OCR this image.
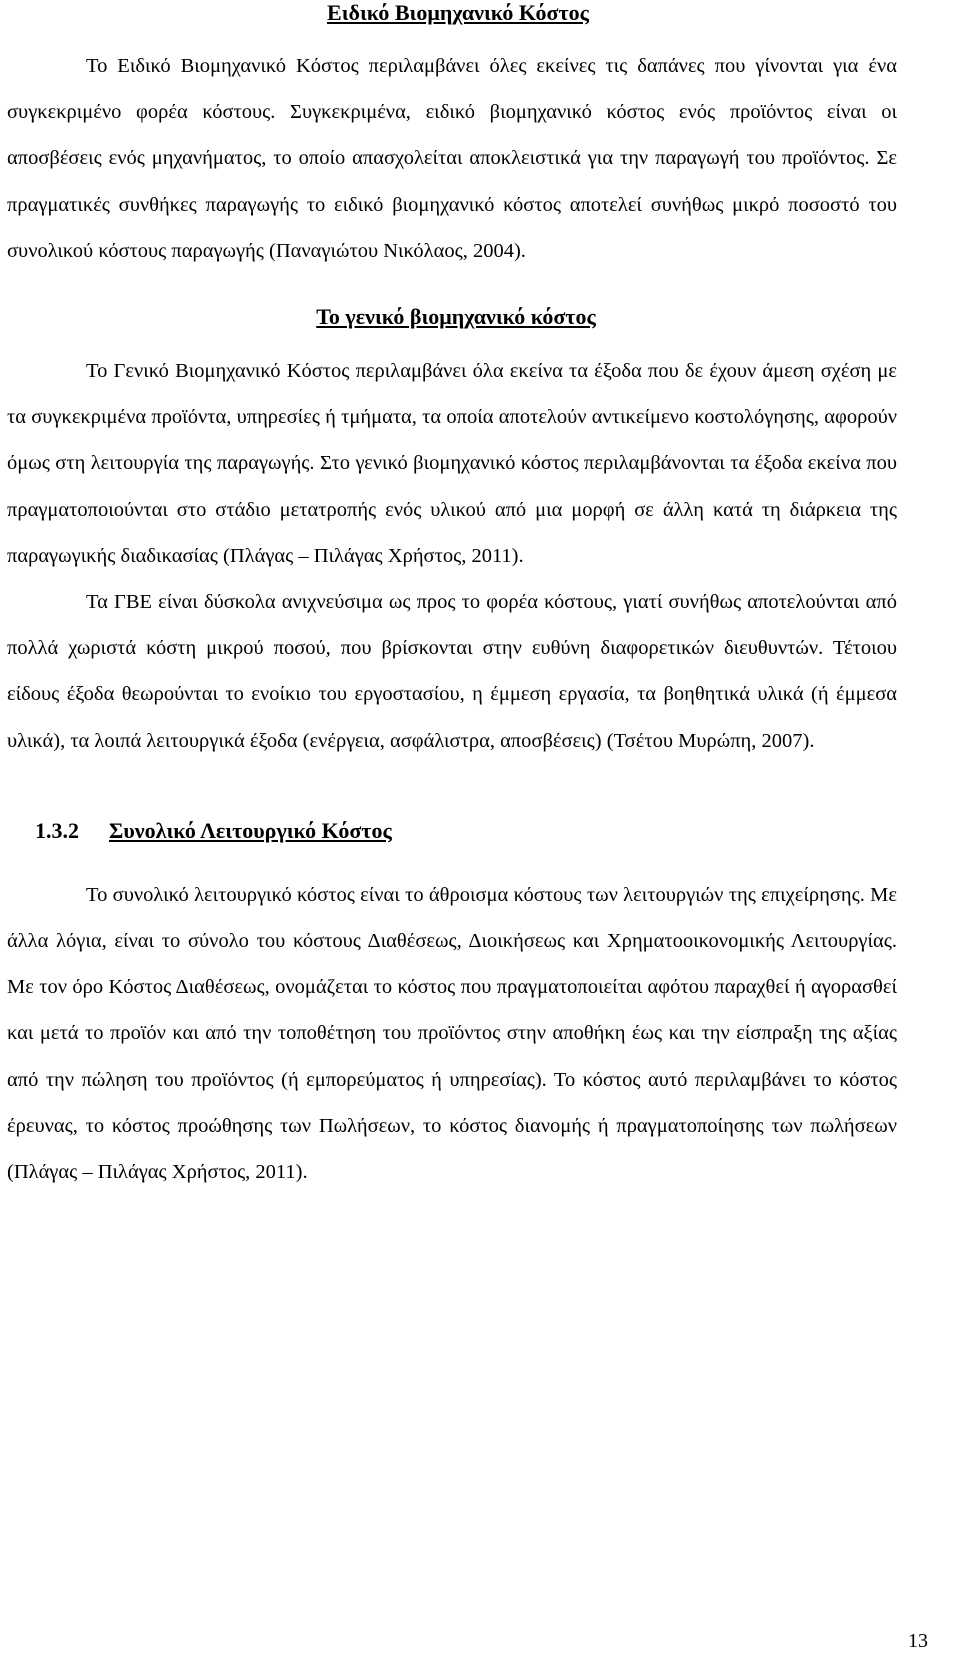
Ειδικό Βιομηχανικό Κόστος

Το Ειδικό Βιομηχανικό Κόστος περιλαμβάνει όλες εκείνες τις δαπάνες που γίνονται για ένα συγκεκριμένο φορέα κόστους. Συγκεκριμένα, ειδικό βιομηχανικό κόστος ενός προϊόντος είναι οι αποσβέσεις ενός μηχανήματος, το οποίο απασχολείται αποκλειστικά για την παραγωγή του προϊόντος. Σε πραγματικές συνθήκες παραγωγής το ειδικό βιομηχανικό κόστος αποτελεί συνήθως μικρό ποσοστό του συνολικού κόστους παραγωγής (Παναγιώτου Νικόλαος, 2004).

Το γενικό βιομηχανικό κόστος

Το Γενικό Βιομηχανικό Κόστος περιλαμβάνει όλα εκείνα τα έξοδα που δε έχουν άμεση σχέση με τα συγκεκριμένα προϊόντα, υπηρεσίες ή τμήματα, τα οποία αποτελούν αντικείμενο κοστολόγησης, αφορούν όμως στη λειτουργία της παραγωγής. Στο γενικό βιομηχανικό κόστος περιλαμβάνονται τα έξοδα εκείνα που πραγματοποιούνται στο στάδιο μετατροπής ενός υλικού από μια μορφή σε άλλη κατά τη διάρκεια της παραγωγικής διαδικασίας (Πλάγας – Πιλάγας Χρήστος, 2011).

Τα ΓΒΕ είναι δύσκολα ανιχνεύσιμα ως προς το φορέα κόστους, γιατί συνήθως αποτελούνται από πολλά χωριστά κόστη μικρού ποσού, που βρίσκονται στην ευθύνη διαφορετικών διευθυντών. Τέτοιου είδους έξοδα θεωρούνται το ενοίκιο του εργοστασίου, η έμμεση εργασία, τα βοηθητικά υλικά (ή έμμεσα υλικά), τα λοιπά λειτουργικά έξοδα (ενέργεια, ασφάλιστρα, αποσβέσεις) (Τσέτου Μυρώπη, 2007).

1.3.2 Συνολικό Λειτουργικό Κόστος

Το συνολικό λειτουργικό κόστος είναι το άθροισμα κόστους των λειτουργιών της επιχείρησης. Με άλλα λόγια, είναι το σύνολο του κόστους Διαθέσεως, Διοικήσεως και Χρηματοοικονομικής Λειτουργίας. Με τον όρο Κόστος Διαθέσεως, ονομάζεται το κόστος που πραγματοποιείται αφότου παραχθεί ή αγορασθεί και μετά το προϊόν και από την τοποθέτηση του προϊόντος στην αποθήκη έως και την είσπραξη της αξίας από την πώληση του προϊόντος (ή εμπορεύματος ή υπηρεσίας). Το κόστος αυτό περιλαμβάνει το κόστος έρευνας, το κόστος προώθησης των Πωλήσεων, το κόστος διανομής ή πραγματοποίησης των πωλήσεων (Πλάγας – Πιλάγας Χρήστος, 2011).

13
